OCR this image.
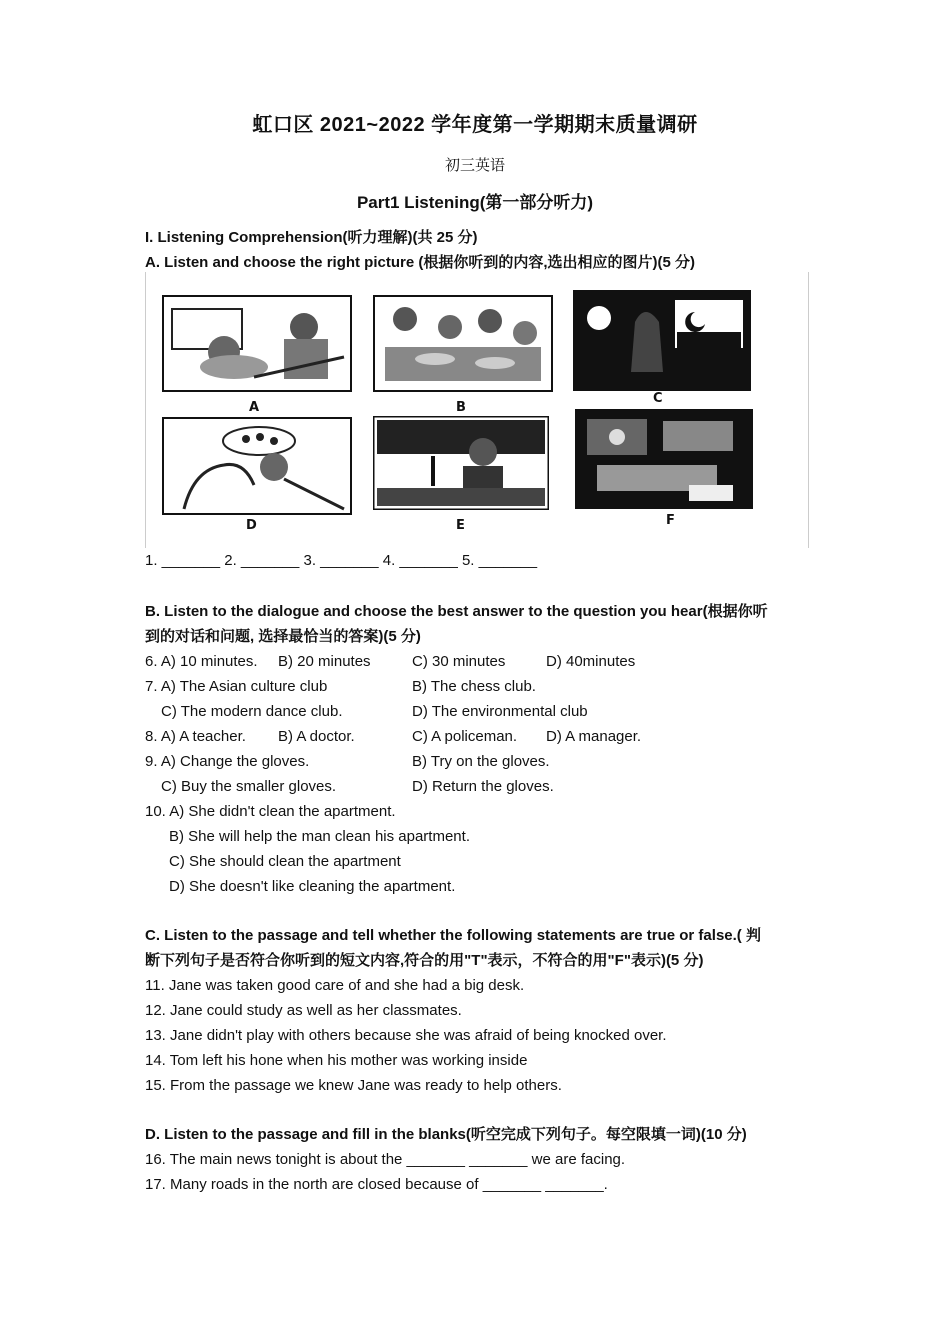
虹口区 2021~2022 学年度第一学期期末质量调研
初三英语
Part1 Listening(第一部分听力)
I. Listening Comprehension(听力理解)(共 25 分)
A. Listen and choose the right picture (根据你听到的内容,选出相应的图片)(5 分)
A	B
C
D	E	F
1. _______ 2. _______ 3. _______ 4. _______ 5. _______
B. Listen to the dialogue and choose the best answer to the question you hear(根据你听
到的对话和问题, 选择最恰当的答案)(5 分)
6. A) 10 minutes. B) 20 minutes	C) 30 minutes	D) 40minutes
7. A) The Asian culture club	B) The chess club.
C) The modern dance club.	D) The environmental club
8. A) A teacher. B) A doctor.	C) A policeman. D) A manager.
9. A) Change the gloves.	B) Try on the gloves.
C) Buy the smaller gloves.	D) Return the gloves.
10. A) She didn't clean the apartment.
B) She will help the man clean his apartment.
C) She should clean the apartment
D) She doesn't like cleaning the apartment.
C. Listen to the passage and tell whether the following statements are true or false.( 判
断下列句子是否符合你听到的短文内容,符合的用"T"表示，不符合的用"F"表示)(5 分)
11. Jane was taken good care of and she had a big desk.
12. Jane could study as well as her classmates.
13. Jane didn't play with others because she was afraid of being knocked over.
14. Tom left his hone when his mother was working inside
15. From the passage we knew Jane was ready to help others.
D. Listen to the passage and fill in the blanks(听空完成下列句子。每空限填一词)(10 分)
16. The main news tonight is about the _______ _______ we are facing.
17. Many roads in the north are closed because of _______ _______.
